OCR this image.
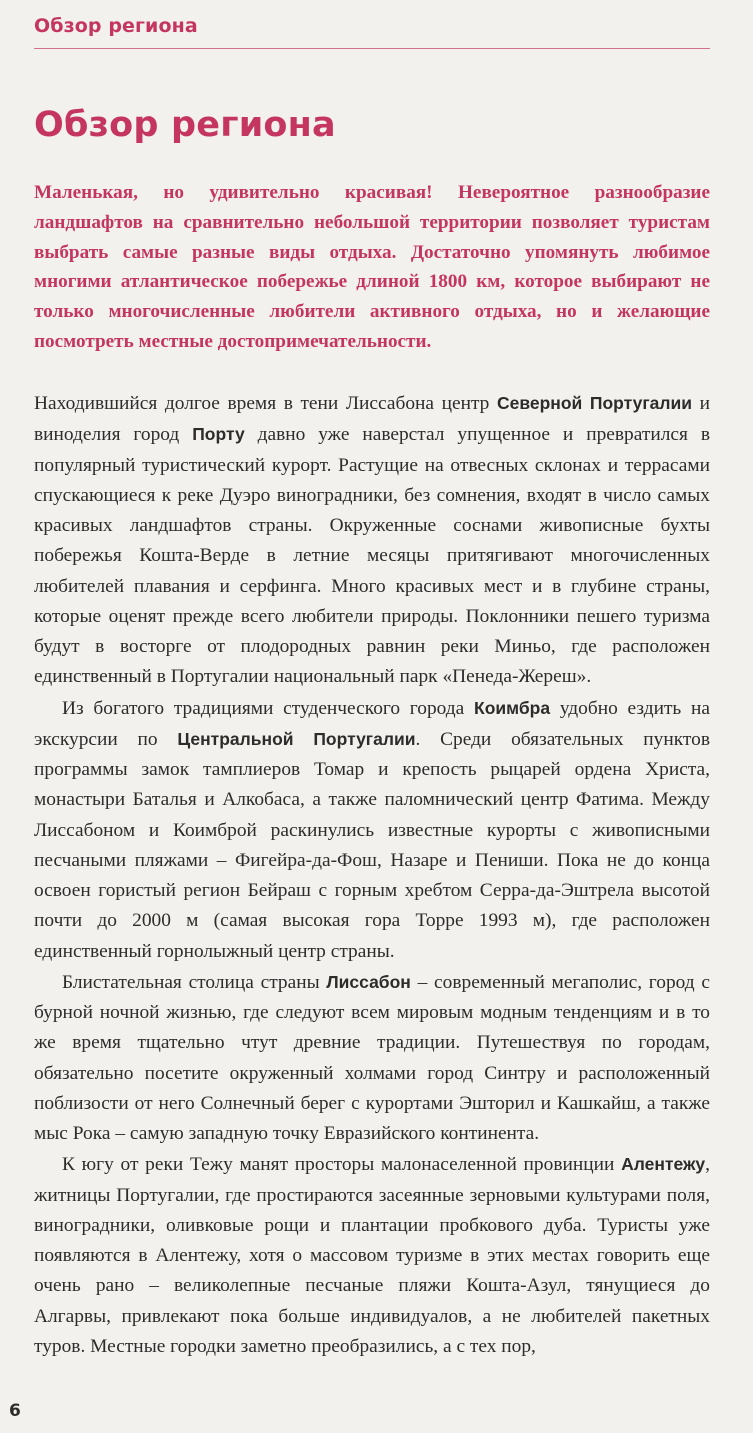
Обзор региона
Обзор региона

Маленькая, но удивительно красивая! Невероятное разнообразие ландшафтов на сравнительно небольшой территории позволяет туристам выбрать самые разные виды отдыха. Достаточно упомянуть любимое многими атлантическое побережье длиной 1800 км, которое выбирают не только многочисленные любители активного отдыха, но и желающие посмотреть местные достопримечательности.

Находившийся долгое время в тени Лиссабона центр Северной Португалии и виноделия город Порту давно уже наверстал упущенное и превратился в популярный туристический курорт. Растущие на отвесных склонах и террасами спускающиеся к реке Дуэро виноградники, без сомнения, входят в число самых красивых ландшафтов страны. Окруженные соснами живописные бухты побережья Кошта-Верде в летние месяцы притягивают многочисленных любителей плавания и серфинга. Много красивых мест и в глубине страны, которые оценят прежде всего любители природы. Поклонники пешего туризма будут в восторге от плодородных равнин реки Миньо, где расположен единственный в Португалии национальный парк «Пенеда-Жереш».

Из богатого традициями студенческого города Коимбра удобно ездить на экскурсии по Центральной Португалии. Среди обязательных пунктов программы замок тамплиеров Томар и крепость рыцарей ордена Христа, монастыри Баталья и Алкобаса, а также паломнический центр Фатима. Между Лиссабоном и Коимброй раскинулись известные курорты с живописными песчаными пляжами – Фигейра-да-Фош, Назаре и Пениши. Пока не до конца освоен гористый регион Бейраш с горным хребтом Серра-да-Эштрела высотой почти до 2000 м (самая высокая гора Торре 1993 м), где расположен единственный горнолыжный центр страны.

Блистательная столица страны Лиссабон – современный мегаполис, город с бурной ночной жизнью, где следуют всем мировым модным тенденциям и в то же время тщательно чтут древние традиции. Путешествуя по городам, обязательно посетите окруженный холмами город Синтру и расположенный поблизости от него Солнечный берег с курортами Эшторил и Кашкайш, а также мыс Рока – самую западную точку Евразийского континента.

К югу от реки Тежу манят просторы малонаселенной провинции Алентежу, житницы Португалии, где простираются засеянные зерновыми культурами поля, виноградники, оливковые рощи и плантации пробкового дуба. Туристы уже появляются в Алентежу, хотя о массовом туризме в этих местах говорить еще очень рано – великолепные песчаные пляжи Кошта-Азул, тянущиеся до Алгарвы, привлекают пока больше индивидуалов, а не любителей пакетных туров. Местные городки заметно преобразились, а с тех пор,

6
